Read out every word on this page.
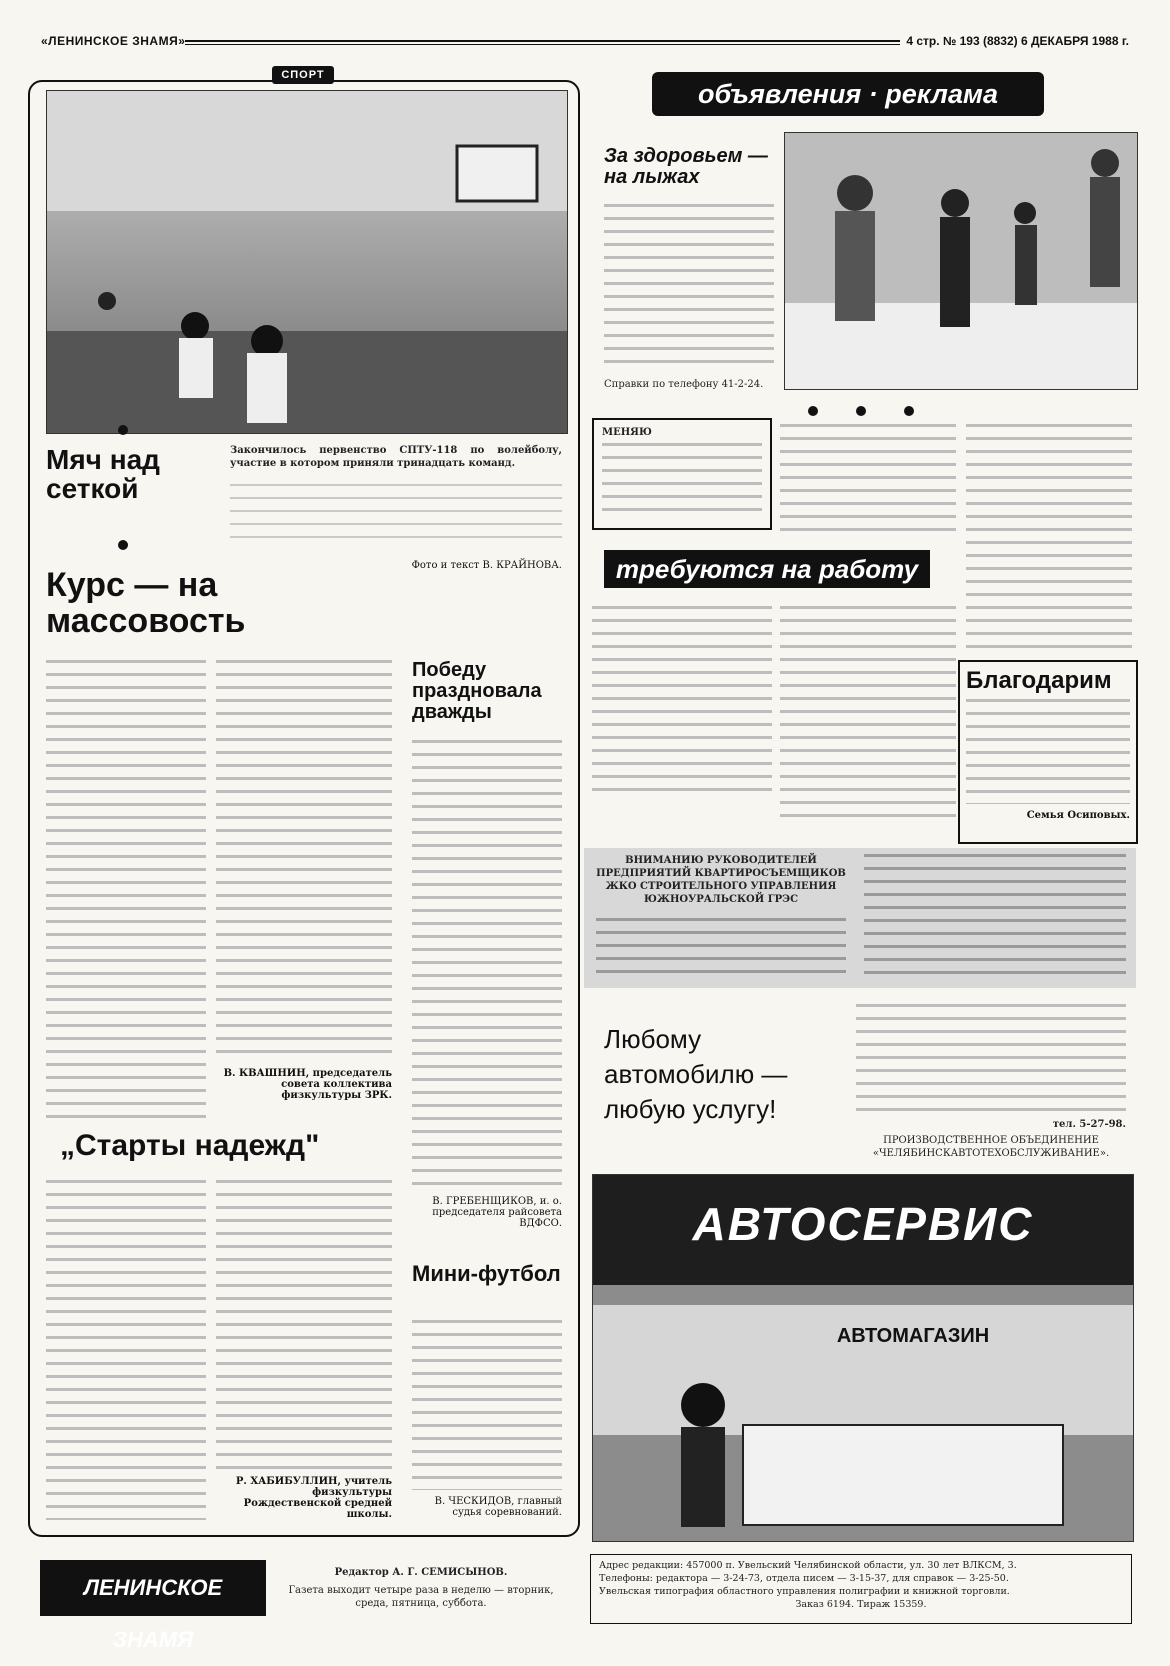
«ЛЕНИНСКОЕ ЗНАМЯ»	4 стр. № 193 (8832) 6 ДЕКАБРЯ 1988 г.
СПОРТ
Мяч над сеткой
Закончилось первенство СПТУ-118 по волейболу, участие в котором приняли тринадцать команд.
Фото и текст В. КРАЙНОВА.
Курс — на массовость
В. КВАШНИН, председатель совета коллектива физкультуры ЗРК.
Победу праздновала дважды
В. ГРЕБЕНЩИКОВ, и. о. председателя райсовета ВДФСО.
„Старты надежд"
Р. ХАБИБУЛЛИН, учитель физкультуры Рождественской средней школы.
Мини-футбол
В. ЧЕСКИДОВ, главный судья соревнований.
объявления · реклама
За здоровьем — на лыжах
Справки по телефону 41-2-24.
МЕНЯЮ
требуются на работу
Благодарим
Семья Осиповых.
ВНИМАНИЮ РУКОВОДИТЕЛЕЙ ПРЕДПРИЯТИЙ КВАРТИРОСЪЕМЩИКОВ ЖКО СТРОИТЕЛЬНОГО УПРАВЛЕНИЯ ЮЖНОУРАЛЬСКОЙ ГРЭС
Любому автомобилю — любую услугу!
тел. 5-27-98.
ПРОИЗВОДСТВЕННОЕ ОБЪЕДИНЕНИЕ «ЧЕЛЯБИНСКАВТОТЕХОБСЛУЖИВАНИЕ».
АВТОСЕРВИС
АВТОМАГАЗИН
ЛЕНИНСКОЕ ЗНАМЯ
Редактор А. Г. СЕМИСЫНОВ.
Газета выходит четыре раза в неделю — вторник, среда, пятница, суббота.
Адрес редакции: 457000 п. Увельский Челябинской области, ул. 30 лет ВЛКСМ, 3.
Телефоны: редактора — 3-24-73, отдела писем — 3-15-37, для справок — 3-25-50.
Увельская типография областного управления полиграфии и книжной торговли.
Заказ 6194. Тираж 15359.
